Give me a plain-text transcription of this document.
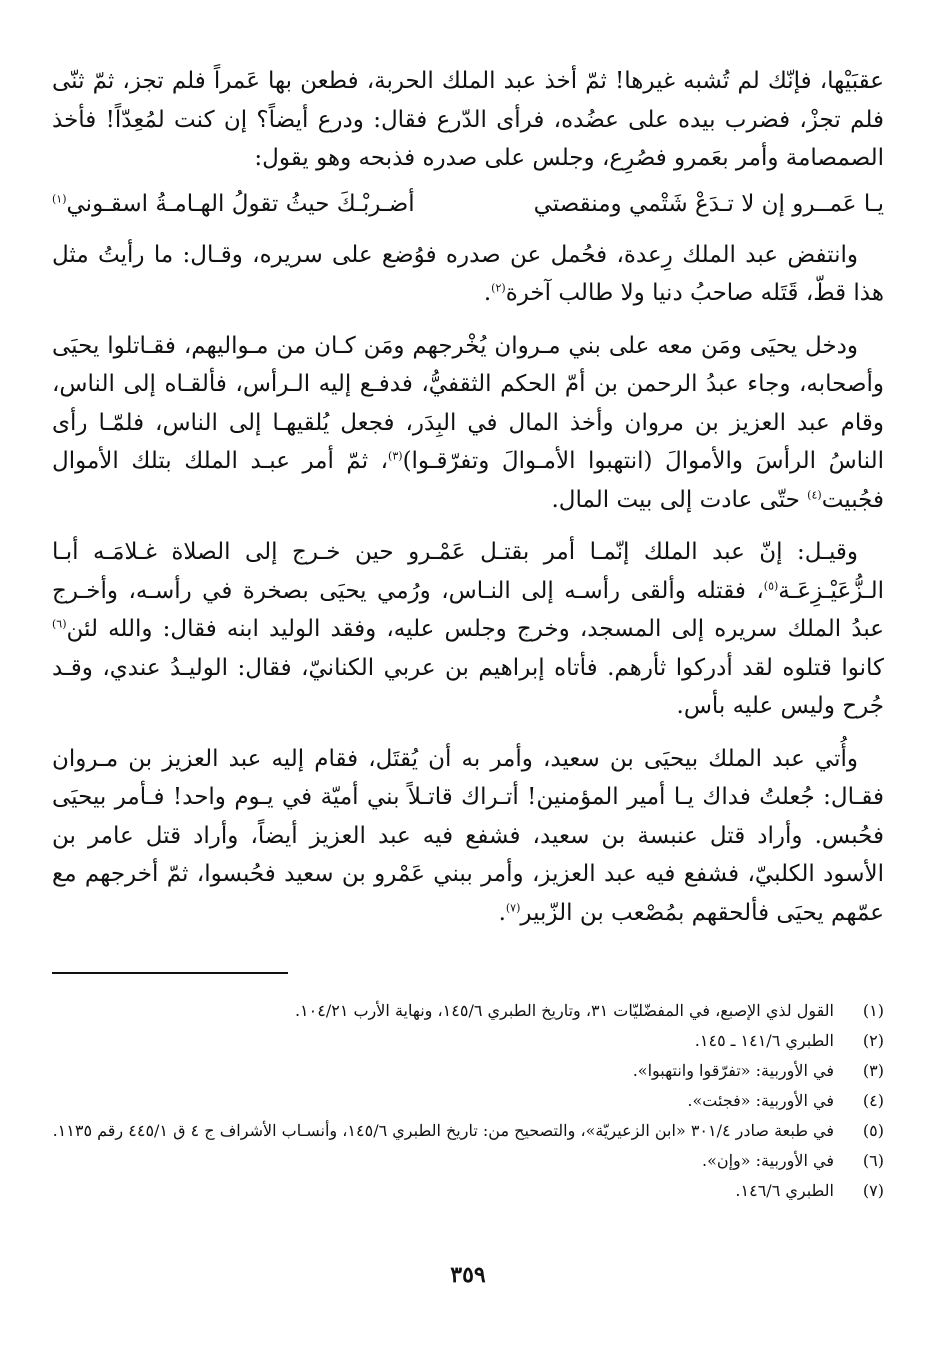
عقبَيْها، فإنّك لم تُشبه غيرها! ثمّ أخذ عبد الملك الحربة، فطعن بها عَمراً فلم تجز، ثمّ ثنّى فلم تجزْ، فضرب بيده على عضُده، فرأى الدّرع فقال: ودرع أيضاً؟ إن كنت لمُعِدّاً! فأخذ الصمصامة وأمر بعَمرو فصُرِع، وجلس على صدره فذبحه وهو يقول:

يـا عَمــرو إن لا تـدَعْ شَتْمي ومنقصتي
أضـربْـكَ حيثُ تقولُ الهـامـةُ اسقـوني$^{(١)}$

وانتفض عبد الملك رِعدة، فحُمل عن صدره فوُضع على سريره، وقـال: ما رأيتُ مثل هذا قطّ، قَتَله صاحبُ دنيا ولا طالب آخرة$^{(٢)}$.

ودخل يحيَى ومَن معه على بني مـروان يُخْرجهم ومَن كـان من مـواليهم، فقـاتلوا يحيَى وأصحابه، وجاء عبدُ الرحمن بن أمّ الحكم الثقفيُّ، فدفـع إليه الـرأس، فألقـاه إلى الناس، وقام عبد العزيز بن مروان وأخذ المال في البِدَر، فجعل يُلقيهـا إلى الناس، فلمّـا رأى الناسُ الرأسَ والأموالَ (انتهبوا الأمـوالَ وتفرّقـوا)$^{(٣)}$، ثمّ أمر عبـد الملك بتلك الأموال فجُبيت$^{(٤)}$ حتّى عادت إلى بيت المال.

وقيـل: إنّ عبد الملك إنّمـا أمر بقتـل عَمْـرو حين خـرج إلى الصلاة غـلامَـه أبـا الـزُّعَيْـزِعَـة$^{(٥)}$، فقتله وألقى رأسـه إلى النـاس، ورُمي يحيَى بصخرة في رأسـه، وأخـرج عبدُ الملك سريره إلى المسجد، وخرج وجلس عليه، وفقد الوليد ابنه فقال: والله لئن$^{(٦)}$ كانوا قتلوه لقد أدركوا ثأرهم. فأتاه إبراهيم بن عربي الكنانيّ، فقال: الوليـدُ عندي، وقـد جُرح وليس عليه بأس.

وأُتي عبد الملك بيحيَى بن سعيد، وأمر به أن يُقتَل، فقام إليه عبد العزيز بن مـروان فقـال: جُعلتُ فداك يـا أمير المؤمنين! أتـراك قاتـلاً بني أميّة في يـوم واحد! فـأمر بيحيَى فحُبس. وأراد قتل عنبسة بن سعيد، فشفع فيه عبد العزيز أيضاً، وأراد قتل عامر بن الأسود الكلبيّ، فشفع فيه عبد العزيز، وأمر ببني عَمْرو بن سعيد فحُبسوا، ثمّ أخرجهم مع عمّهم يحيَى فألحقهم بمُصْعب بن الزّبير$^{(٧)}$.

(١)
القول لذي الإصبع، في المفضّليّات ٣١، وتاريخ الطبري ١٤٥/٦، ونهاية الأرب ١٠٤/٢١.
(٢)
الطبري ١٤١/٦ ـ ١٤٥.
(٣)
في الأوربية: «تفرّقوا وانتهبوا».
(٤)
في الأوربية: «فجئت».
(٥)
في طبعة صادر ٣٠١/٤ «ابن الزعيريّة»، والتصحيح من: تاريخ الطبري ١٤٥/٦، وأنسـاب الأشراف ج ٤ ق ٤٤٥/١ رقم ١١٣٥.
(٦)
في الأوربية: «وإن».
(٧)
الطبري ١٤٦/٦.
٣٥٩
